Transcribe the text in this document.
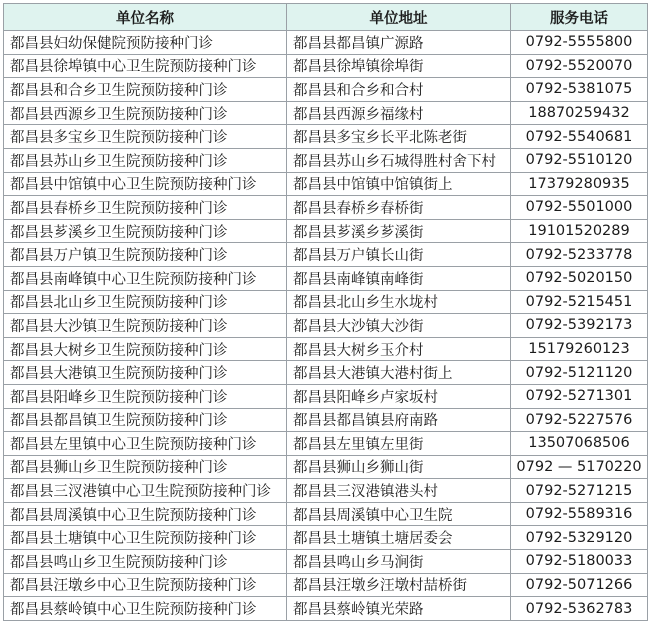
单位名称	单位地址	服务电话
都昌县妇幼保健院预防接种门诊	都昌县都昌镇广源路	0792-5555800
都昌县徐埠镇中心卫生院预防接种门诊	都昌县徐埠镇徐埠街	0792-5520070
都昌县和合乡卫生院预防接种门诊	都昌县和合乡和合村	0792-5381075
都昌县西源乡卫生院预防接种门诊	都昌县西源乡福缘村	18870259432
都昌县多宝乡卫生院预防接种门诊	都昌县多宝乡长平北陈老街	0792-5540681
都昌县苏山乡卫生院预防接种门诊	都昌县苏山乡石城得胜村舍下村	0792-5510120
都昌县中馆镇中心卫生院预防接种门诊	都昌县中馆镇中馆镇街上	17379280935
都昌县春桥乡卫生院预防接种门诊	都昌县春桥乡春桥街	0792-5501000
都昌县芗溪乡卫生院预防接种门诊	都昌县芗溪乡芗溪街	19101520289
都昌县万户镇卫生院预防接种门诊	都昌县万户镇长山街	0792-5233778
都昌县南峰镇中心卫生院预防接种门诊	都昌县南峰镇南峰街	0792-5020150
都昌县北山乡卫生院预防接种门诊	都昌县北山乡生水垅村	0792-5215451
都昌县大沙镇卫生院预防接种门诊	都昌县大沙镇大沙街	0792-5392173
都昌县大树乡卫生院预防接种门诊	都昌县大树乡玉介村	15179260123
都昌县大港镇卫生院预防接种门诊	都昌县大港镇大港村街上	0792-5121120
都昌县阳峰乡卫生院预防接种门诊	都昌县阳峰乡卢家坂村	0792-5271301
都昌县都昌镇卫生院预防接种门诊	都昌县都昌镇县府南路	0792-5227576
都昌县左里镇中心卫生院预防接种门诊	都昌县左里镇左里街	13507068506
都昌县狮山乡卫生院预防接种门诊	都昌县狮山乡狮山街	0792 — 5170220
都昌县三汊港镇中心卫生院预防接种门诊	都昌县三汊港镇港头村	0792-5271215
都昌县周溪镇中心卫生院预防接种门诊	都昌县周溪镇中心卫生院	0792-5589316
都昌县土塘镇中心卫生院预防接种门诊	都昌县土塘镇土塘居委会	0792-5329120
都昌县鸣山乡卫生院预防接种门诊	都昌县鸣山乡马涧街	0792-5180033
都昌县汪墩乡中心卫生院预防接种门诊	都昌县汪墩乡汪墩村喆桥街	0792-5071266
都昌县蔡岭镇中心卫生院预防接种门诊	都昌县蔡岭镇光荣路	0792-5362783
